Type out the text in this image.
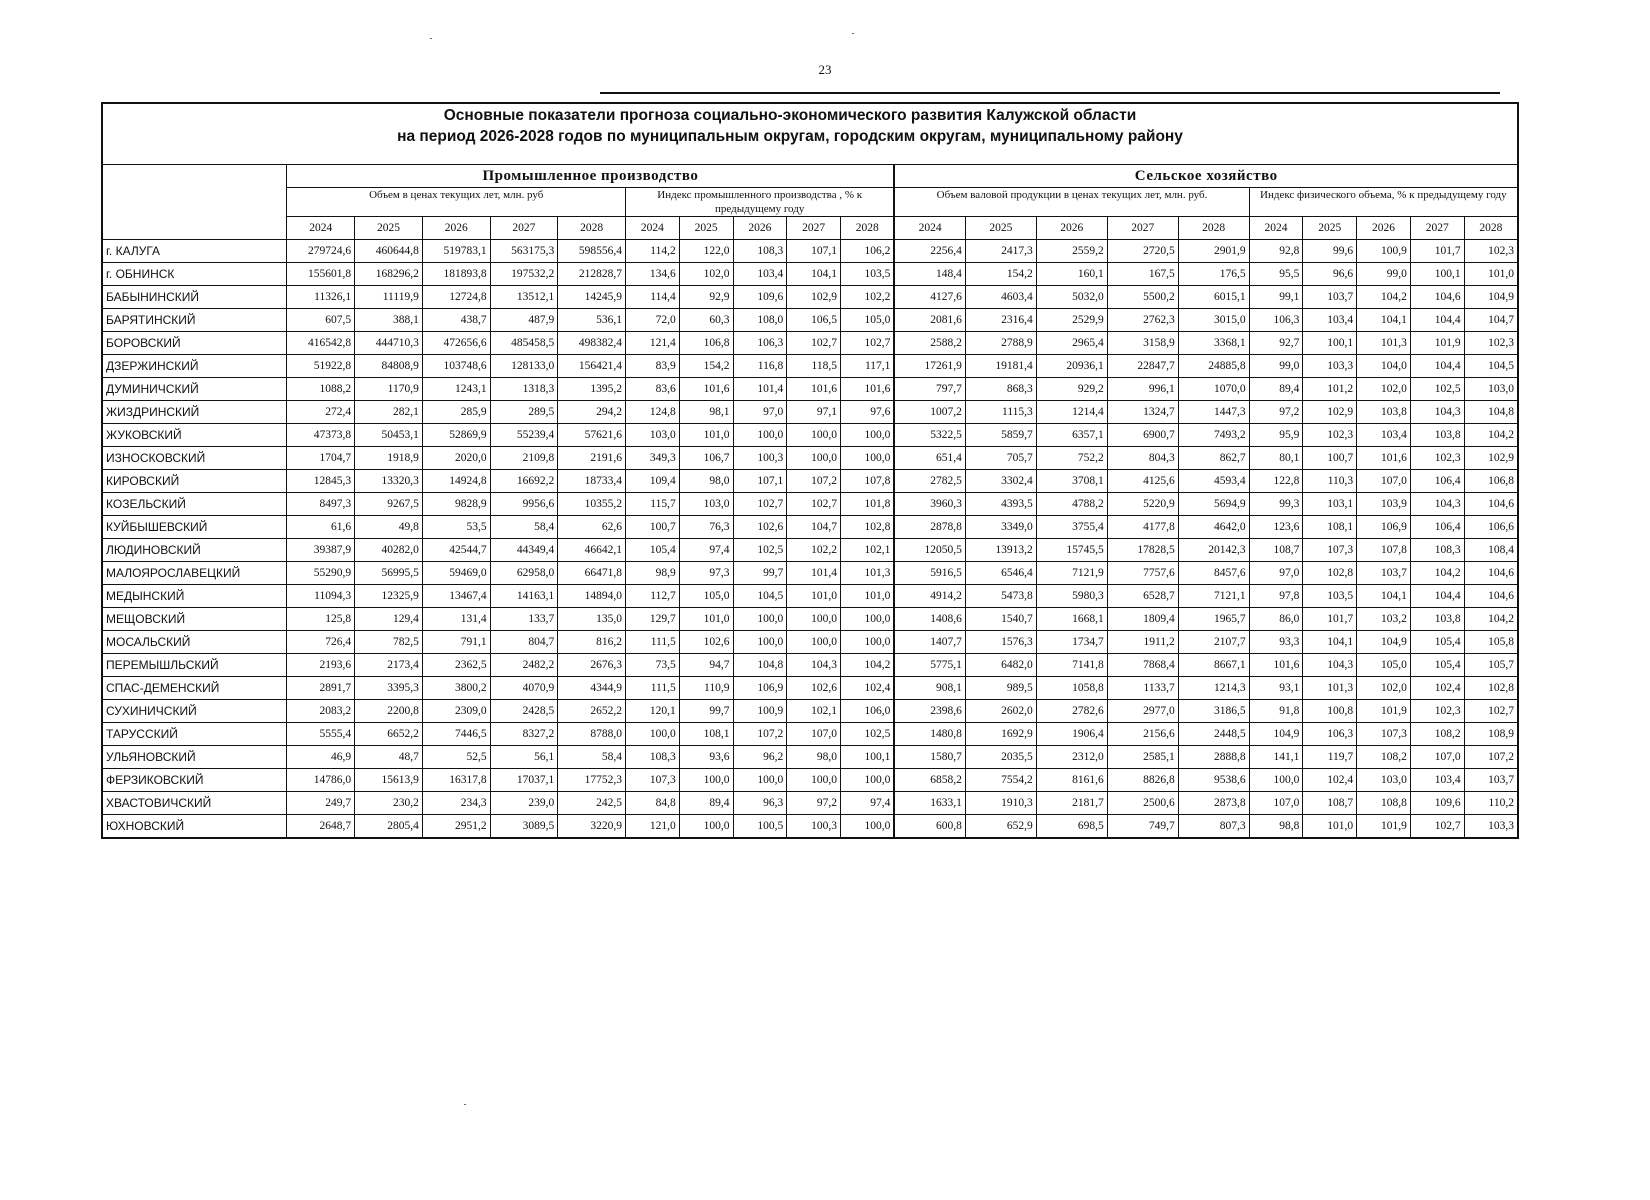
23
Основные показатели прогноза социально-экономического развития Калужской области
на период 2026-2028 годов по муниципальным округам, городским округам, муниципальному району
	Промышленное производство										Сельское хозяйство									
	Объем в ценах текущих лет, млн. руб					Индекс промышленного производства , % к предыдущему году					Объем валовой продукции в ценах текущих лет, млн. руб.					Индекс физического объема, % к предыдущему году				
	2024	2025	2026	2027	2028	2024	2025	2026	2027	2028	2024	2025	2026	2027	2028	2024	2025	2026	2027	2028
г. КАЛУГА	279724,6	460644,8	519783,1	563175,3	598556,4	114,2	122,0	108,3	107,1	106,2	2256,4	2417,3	2559,2	2720,5	2901,9	92,8	99,6	100,9	101,7	102,3
г. ОБНИНСК	155601,8	168296,2	181893,8	197532,2	212828,7	134,6	102,0	103,4	104,1	103,5	148,4	154,2	160,1	167,5	176,5	95,5	96,6	99,0	100,1	101,0
БАБЫНИНСКИЙ	11326,1	11119,9	12724,8	13512,1	14245,9	114,4	92,9	109,6	102,9	102,2	4127,6	4603,4	5032,0	5500,2	6015,1	99,1	103,7	104,2	104,6	104,9
БАРЯТИНСКИЙ	607,5	388,1	438,7	487,9	536,1	72,0	60,3	108,0	106,5	105,0	2081,6	2316,4	2529,9	2762,3	3015,0	106,3	103,4	104,1	104,4	104,7
БОРОВСКИЙ	416542,8	444710,3	472656,6	485458,5	498382,4	121,4	106,8	106,3	102,7	102,7	2588,2	2788,9	2965,4	3158,9	3368,1	92,7	100,1	101,3	101,9	102,3
ДЗЕРЖИНСКИЙ	51922,8	84808,9	103748,6	128133,0	156421,4	83,9	154,2	116,8	118,5	117,1	17261,9	19181,4	20936,1	22847,7	24885,8	99,0	103,3	104,0	104,4	104,5
ДУМИНИЧСКИЙ	1088,2	1170,9	1243,1	1318,3	1395,2	83,6	101,6	101,4	101,6	101,6	797,7	868,3	929,2	996,1	1070,0	89,4	101,2	102,0	102,5	103,0
ЖИЗДРИНСКИЙ	272,4	282,1	285,9	289,5	294,2	124,8	98,1	97,0	97,1	97,6	1007,2	1115,3	1214,4	1324,7	1447,3	97,2	102,9	103,8	104,3	104,8
ЖУКОВСКИЙ	47373,8	50453,1	52869,9	55239,4	57621,6	103,0	101,0	100,0	100,0	100,0	5322,5	5859,7	6357,1	6900,7	7493,2	95,9	102,3	103,4	103,8	104,2
ИЗНОСКОВСКИЙ	1704,7	1918,9	2020,0	2109,8	2191,6	349,3	106,7	100,3	100,0	100,0	651,4	705,7	752,2	804,3	862,7	80,1	100,7	101,6	102,3	102,9
КИРОВСКИЙ	12845,3	13320,3	14924,8	16692,2	18733,4	109,4	98,0	107,1	107,2	107,8	2782,5	3302,4	3708,1	4125,6	4593,4	122,8	110,3	107,0	106,4	106,8
КОЗЕЛЬСКИЙ	8497,3	9267,5	9828,9	9956,6	10355,2	115,7	103,0	102,7	102,7	101,8	3960,3	4393,5	4788,2	5220,9	5694,9	99,3	103,1	103,9	104,3	104,6
КУЙБЫШЕВСКИЙ	61,6	49,8	53,5	58,4	62,6	100,7	76,3	102,6	104,7	102,8	2878,8	3349,0	3755,4	4177,8	4642,0	123,6	108,1	106,9	106,4	106,6
ЛЮДИНОВСКИЙ	39387,9	40282,0	42544,7	44349,4	46642,1	105,4	97,4	102,5	102,2	102,1	12050,5	13913,2	15745,5	17828,5	20142,3	108,7	107,3	107,8	108,3	108,4
МАЛОЯРОСЛАВЕЦКИЙ	55290,9	56995,5	59469,0	62958,0	66471,8	98,9	97,3	99,7	101,4	101,3	5916,5	6546,4	7121,9	7757,6	8457,6	97,0	102,8	103,7	104,2	104,6
МЕДЫНСКИЙ	11094,3	12325,9	13467,4	14163,1	14894,0	112,7	105,0	104,5	101,0	101,0	4914,2	5473,8	5980,3	6528,7	7121,1	97,8	103,5	104,1	104,4	104,6
МЕЩОВСКИЙ	125,8	129,4	131,4	133,7	135,0	129,7	101,0	100,0	100,0	100,0	1408,6	1540,7	1668,1	1809,4	1965,7	86,0	101,7	103,2	103,8	104,2
МОСАЛЬСКИЙ	726,4	782,5	791,1	804,7	816,2	111,5	102,6	100,0	100,0	100,0	1407,7	1576,3	1734,7	1911,2	2107,7	93,3	104,1	104,9	105,4	105,8
ПЕРЕМЫШЛЬСКИЙ	2193,6	2173,4	2362,5	2482,2	2676,3	73,5	94,7	104,8	104,3	104,2	5775,1	6482,0	7141,8	7868,4	8667,1	101,6	104,3	105,0	105,4	105,7
СПАС-ДЕМЕНСКИЙ	2891,7	3395,3	3800,2	4070,9	4344,9	111,5	110,9	106,9	102,6	102,4	908,1	989,5	1058,8	1133,7	1214,3	93,1	101,3	102,0	102,4	102,8
СУХИНИЧСКИЙ	2083,2	2200,8	2309,0	2428,5	2652,2	120,1	99,7	100,9	102,1	106,0	2398,6	2602,0	2782,6	2977,0	3186,5	91,8	100,8	101,9	102,3	102,7
ТАРУССКИЙ	5555,4	6652,2	7446,5	8327,2	8788,0	100,0	108,1	107,2	107,0	102,5	1480,8	1692,9	1906,4	2156,6	2448,5	104,9	106,3	107,3	108,2	108,9
УЛЬЯНОВСКИЙ	46,9	48,7	52,5	56,1	58,4	108,3	93,6	96,2	98,0	100,1	1580,7	2035,5	2312,0	2585,1	2888,8	141,1	119,7	108,2	107,0	107,2
ФЕРЗИКОВСКИЙ	14786,0	15613,9	16317,8	17037,1	17752,3	107,3	100,0	100,0	100,0	100,0	6858,2	7554,2	8161,6	8826,8	9538,6	100,0	102,4	103,0	103,4	103,7
ХВАСТОВИЧСКИЙ	249,7	230,2	234,3	239,0	242,5	84,8	89,4	96,3	97,2	97,4	1633,1	1910,3	2181,7	2500,6	2873,8	107,0	108,7	108,8	109,6	110,2
ЮХНОВСКИЙ	2648,7	2805,4	2951,2	3089,5	3220,9	121,0	100,0	100,5	100,3	100,0	600,8	652,9	698,5	749,7	807,3	98,8	101,0	101,9	102,7	103,3
